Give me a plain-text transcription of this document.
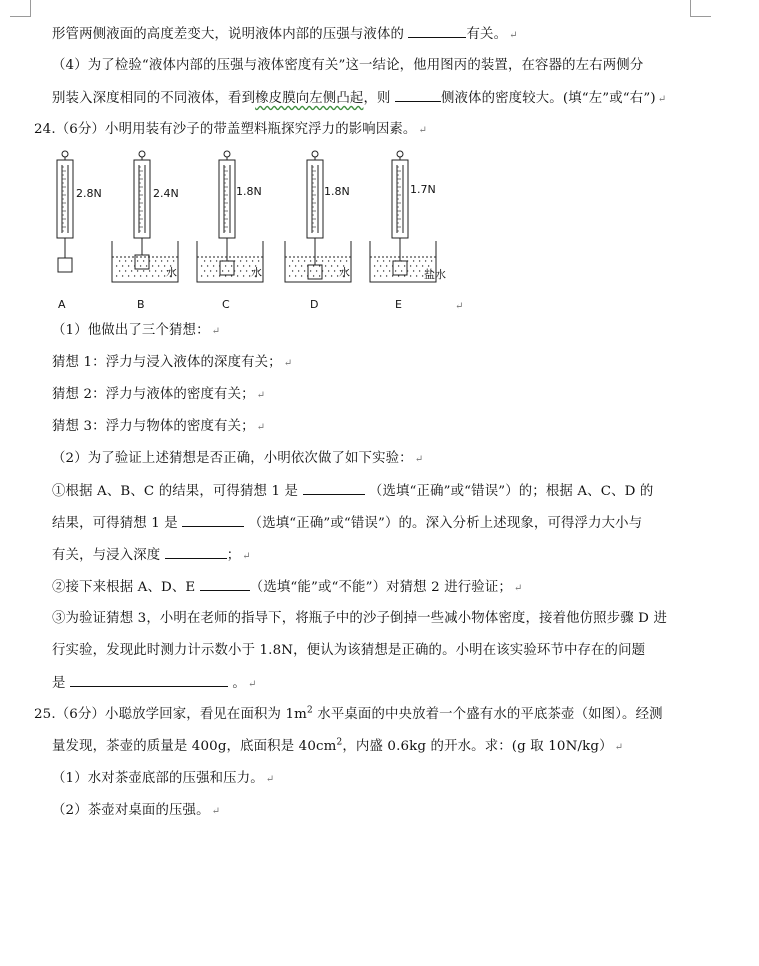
形管两侧液面的高度差变大，说明液体内部的压强与液体的	有关。 ↵
（4）为了检验“液体内部的压强与液体密度有关”这一结论，他用图丙的装置，在容器的左右两侧分
别装入深度相同的不同液体，看到橡皮膜向左侧凸起，则	侧液体的密度较大。(填“左”或“右”) ↵
24.（6分）小明用装有沙子的带盖塑料瓶探究浮力的影响因素。 ↵
2.8N	2.4N	1.8N	1.8N	1.7N
水	水	水	盐水
A	B	C	D	E	↵
（1）他做出了三个猜想： ↵
猜想 1：浮力与浸入液体的深度有关； ↵
猜想 2：浮力与液体的密度有关； ↵
猜想 3：浮力与物体的密度有关； ↵
（2）为了验证上述猜想是否正确，小明依次做了如下实验： ↵
①根据 A、B、C 的结果，可得猜想 1 是	（选填“正确”或“错误”）的；根据 A、C、D 的
结果，可得猜想 1 是	（选填“正确”或“错误”）的。深入分析上述现象，可得浮力大小与
有关，与浸入深度	； ↵
②接下来根据 A、D、E	（选填“能”或“不能”）对猜想 2 进行验证； ↵
③为验证猜想 3，小明在老师的指导下，将瓶子中的沙子倒掉一些减小物体密度，接着他仿照步骤 D 进
行实验，发现此时测力计示数小于 1.8N，便认为该猜想是正确的。小明在该实验环节中存在的问题
是	。 ↵
25.（6分）小聪放学回家，看见在面积为 $1m^2$ 水平桌面的中央放着一个盛有水的平底茶壶（如图）。经测
量发现，茶壶的质量是 400g，底面积是 $40cm^2$，内盛 0.6kg 的开水。求：(g 取 10N/kg） ↵
（1）水对茶壶底部的压强和压力。 ↵
（2）茶壶对桌面的压强。 ↵
